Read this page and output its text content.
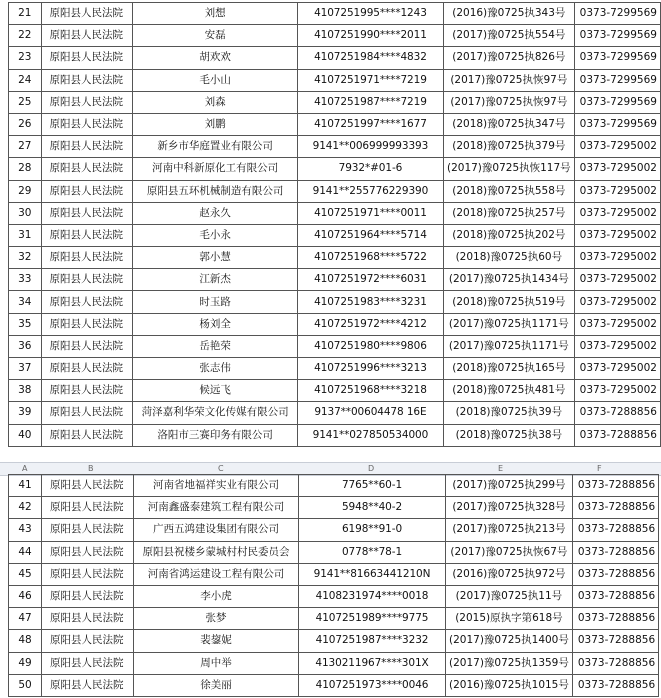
21	原阳县人民法院	刘想	4107251995****1243	(2016)豫0725执343号	0373-7299569
22	原阳县人民法院	安磊	4107251990****2011	(2017)豫0725执554号	0373-7299569
23	原阳县人民法院	胡欢欢	4107251984****4832	(2017)豫0725执826号	0373-7299569
24	原阳县人民法院	毛小山	4107251971****7219	(2017)豫0725执恢97号	0373-7299569
25	原阳县人民法院	刘森	4107251987****7219	(2017)豫0725执恢97号	0373-7299569
26	原阳县人民法院	刘鹏	4107251997****1677	(2018)豫0725执347号	0373-7299569
27	原阳县人民法院	新乡市华庭置业有限公司	9141**006999993393	(2018)豫0725执379号	0373-7295002
28	原阳县人民法院	河南中科新原化工有限公司	7932*#01-6	(2017)豫0725执恢117号	0373-7295002
29	原阳县人民法院	原阳县五环机械制造有限公司	9141**255776229390	(2018)豫0725执558号	0373-7295002
30	原阳县人民法院	赵永久	4107251971****0011	(2018)豫0725执257号	0373-7295002
31	原阳县人民法院	毛小永	4107251964****5714	(2018)豫0725执202号	0373-7295002
32	原阳县人民法院	郭小慧	4107251968****5722	(2018)豫0725执60号	0373-7295002
33	原阳县人民法院	江新杰	4107251972****6031	(2017)豫0725执1434号	0373-7295002
34	原阳县人民法院	时玉路	4107251983****3231	(2018)豫0725执519号	0373-7295002
35	原阳县人民法院	杨刘全	4107251972****4212	(2017)豫0725执1171号	0373-7295002
36	原阳县人民法院	岳艳荣	4107251980****9806	(2017)豫0725执1171号	0373-7295002
37	原阳县人民法院	张志伟	4107251996****3213	(2018)豫0725执165号	0373-7295002
38	原阳县人民法院	候远飞	4107251968****3218	(2018)豫0725执481号	0373-7295002
39	原阳县人民法院	菏泽嘉利华荣文化传媒有限公司	9137**00604478 16E	(2018)豫0725执39号	0373-7288856
40	原阳县人民法院	洛阳市三赛印务有限公司	9141**027850534000	(2018)豫0725执38号	0373-7288856
A	B	C	D	E	F
41	原阳县人民法院	河南省地福祥实业有限公司	7765**60-1	(2017)豫0725执299号	0373-7288856
42	原阳县人民法院	河南鑫盛泰建筑工程有限公司	5948**40-2	(2017)豫0725执328号	0373-7288856
43	原阳县人民法院	广西五鸿建设集团有限公司	6198**91-0	(2017)豫0725执213号	0373-7288856
44	原阳县人民法院	原阳县祝楼乡蒙城村村民委员会	0778**78-1	(2017)豫0725执恢67号	0373-7288856
45	原阳县人民法院	河南省鸿运建设工程有限公司	9141**81663441210N	(2016)豫0725执972号	0373-7288856
46	原阳县人民法院	李小虎	4108231974****0018	(2017)豫0725执11号	0373-7288856
47	原阳县人民法院	张梦	4107251989****9775	(2015)原执字第618号	0373-7288856
48	原阳县人民法院	裴鋆妮	4107251987****3232	(2017)豫0725执1400号	0373-7288856
49	原阳县人民法院	周中举	4130211967****301X	(2017)豫0725执1359号	0373-7288856
50	原阳县人民法院	徐美丽	4107251973****0046	(2016)豫0725执1015号	0373-7288856
